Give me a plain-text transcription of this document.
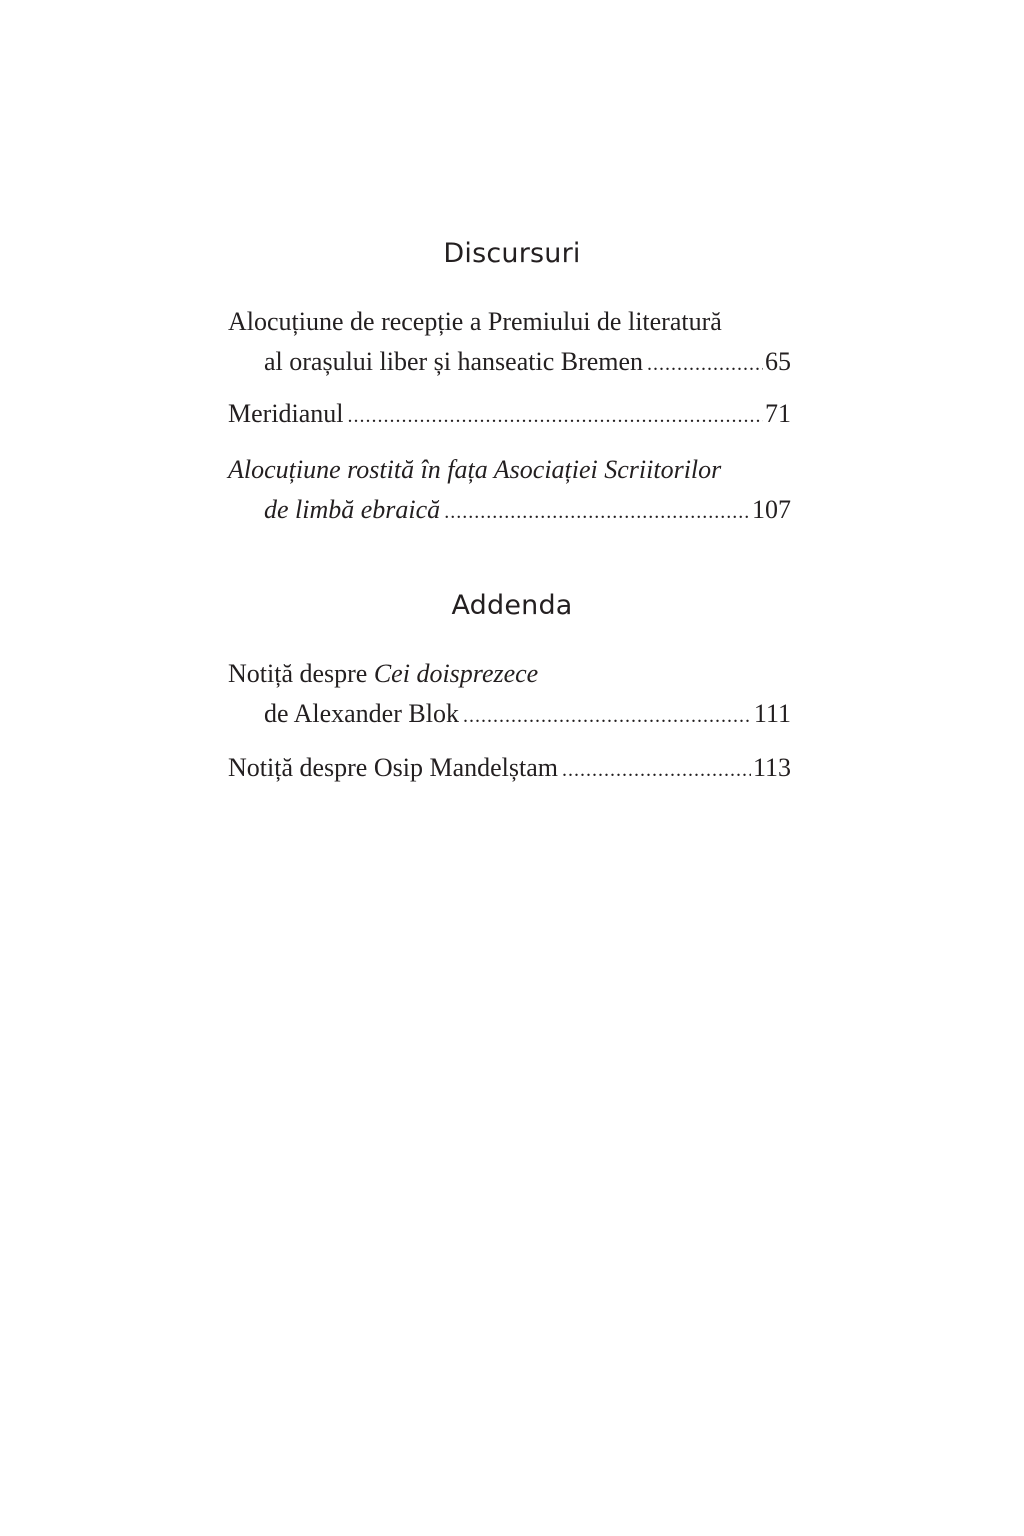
Discursuri
Alocuțiune de recepție a Premiului de literatură
al orașului liber și hanseatic Bremen .....	65
Meridianul .....	71
Alocuțiune rostită în fața Asociației Scriitorilor
de limbă ebraică .....	107
Addenda
Notiță despre Cei doisprezece
de Alexander Blok .....	111
Notiță despre Osip Mandelștam .....	113
